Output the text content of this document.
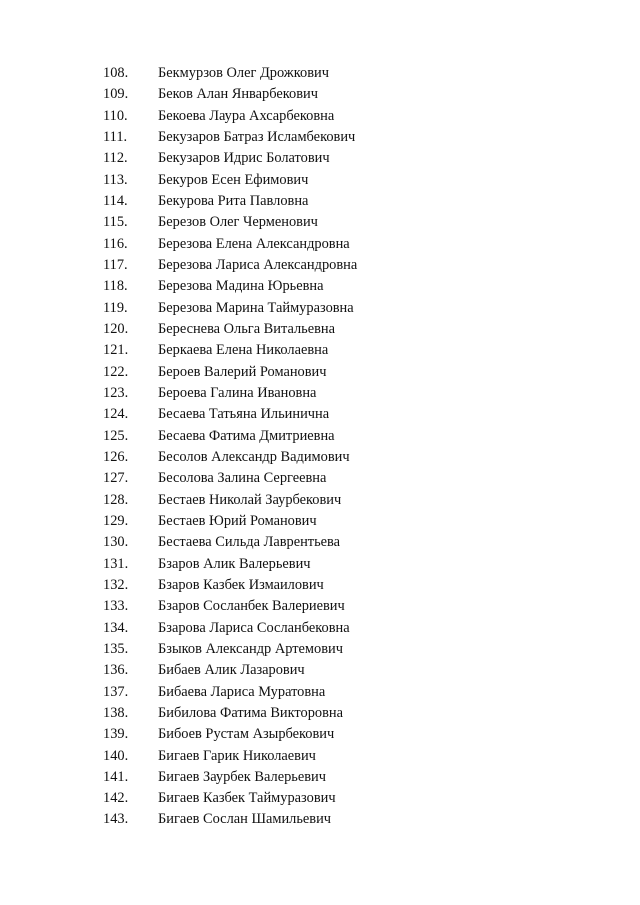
108.	Бекмурзов Олег Дрожкович
109.	Беков Алан Январбекович
110.	Бекоева Лаура Ахсарбековна
111.	Бекузаров Батраз Исламбекович
112.	Бекузаров Идрис Болатович
113.	Бекуров Есен Ефимович
114.	Бекурова Рита Павловна
115.	Березов Олег Черменович
116.	Березова Елена Александровна
117.	Березова Лариса Александровна
118.	Березова Мадина Юрьевна
119.	Березова Марина Таймуразовна
120.	Береснева Ольга Витальевна
121.	Беркаева Елена Николаевна
122.	Бероев Валерий Романович
123.	Бероева Галина Ивановна
124.	Бесаева Татьяна Ильинична
125.	Бесаева Фатима Дмитриевна
126.	Бесолов Александр Вадимович
127.	Бесолова Залина Сергеевна
128.	Бестаев Николай Заурбекович
129.	Бестаев Юрий Романович
130.	Бестаева Сильда Лаврентьева
131.	Бзаров Алик Валерьевич
132.	Бзаров Казбек Измаилович
133.	Бзаров Сосланбек Валериевич
134.	Бзарова Лариса Сосланбековна
135.	Бзыков Александр Артемович
136.	Бибаев Алик Лазарович
137.	Бибаева Лариса Муратовна
138.	Бибилова Фатима Викторовна
139.	Бибоев Рустам Азырбекович
140.	Бигаев Гарик Николаевич
141.	Бигаев Заурбек Валерьевич
142.	Бигаев Казбек Таймуразович
143.	Бигаев Сослан Шамильевич
